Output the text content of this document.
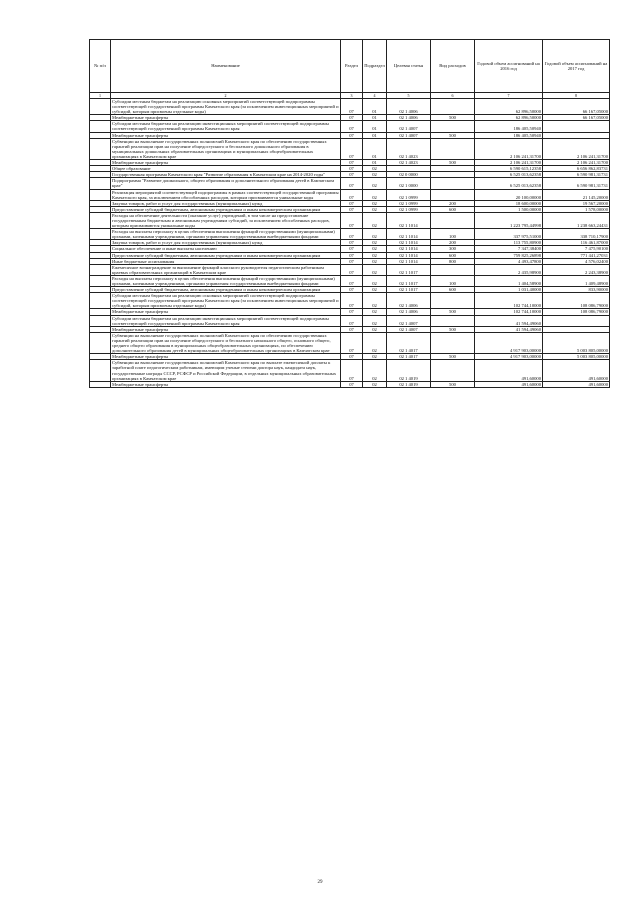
№ п/п	Наименование	Раздел	Подраздел	Целевая статья	Вид расходов	Годовой объем ассигнований на 2016 год	Годовой объем ассигнований на 2017 год
1	2	3	4	5	6	7	8
	Субсидии местным бюджетам на реализацию основных мероприятий соответствующей подпрограммы соответствующей государственной программы Камчатского края (за исключением инвестиционных мероприятий и субсидий, которым присвоены отдельные коды)	07	01	02 1 4006		62 896,50000	66 167,05000
	Межбюджетные трансферты	07	01	02 1 4006	500	62 896,50000	66 167,05000
	Субсидии местным бюджетам на реализацию инвестиционных мероприятий соответствующей подпрограммы соответствующей государственной программы Камчатского края	07	01	02 1 4007		186 405,50940	
	Межбюджетные трансферты	07	01	02 1 4007	500	186 405,50940	
	Субвенции на выполнение государственных полномочий Камчатского края по обеспечению государственных гарантий реализации прав на получение общедоступного и бесплатного дошкольного образования в муниципальных дошкольных образовательных организациях и муниципальных общеобразовательных организациях в Камчатском крае	07	01	02 1 4023		2 106 241,31700	2 106 241,31700
	Межбюджетные трансферты	07	01	02 1 4023	500	2 106 241,31700	2 106 241,31700
	Общее образование	07	02			6 590 615,12358	6 656 862,83731
	Государственная программа Камчатского края "Развитие образования в Камчатском крае на 2014-2020 годы"	07	02	02 0 0000		6 525 013,62358	6 590 981,31731
	Подпрограмма "Развитие дошкольного, общего образования и дополнительного образования детей в Камчатском крае"	07	02	02 1 0000		6 525 013,62358	6 590 981,31731
	Реализация мероприятий соответствующей подпрограммы в рамках соответствующей государственной программы Камчатского края, за исключением обособленных расходов, которым присваиваются уникальные коды	07	02	02 1 0999		20 100,00000	21 145,20000
	Закупка товаров, работ и услуг для государственных (муниципальных) нужд	07	02	02 1 0999	200	18 600,00000	19 567,20000
	Предоставление субсидий бюджетным, автономным учреждениям и иным некоммерческим организациям	07	02	02 1 0999	600	1 500,00000	1 578,00000
	Расходы на обеспечение деятельности (оказание услуг) учреждений, в том числе на предоставление государственным бюджетным и автономным учреждениям субсидий, за исключением обособленных расходов, которым присваиваются уникальные коды	07	02	02 1 1014		1 223 795,44998	1 238 663,24431
	Расходы на выплаты персоналу в целях обеспечения выполнения функций государственными (муниципальными) органами, казенными учреждениями, органами управления государственными внебюджетными фондами	07	02	02 1 1014	100	337 975,51000	338 710,17900
	Закупка товаров, работ и услуг для государственных (муниципальных) нужд	07	02	02 1 1014	200	113 755,80900	116 461,87000
	Социальное обеспечение и иные выплаты населению	07	02	02 1 1014	300	7 347,38400	7 475,90100
	Предоставление субсидий бюджетным, автономным учреждениям и иным некоммерческим организациям	07	02	02 1 1014	600	759 825,26898	771 441,27031
	Иные бюджетные ассигнования	07	02	02 1 1014	800	4 493,47800	4 576,02400
	Ежемесячное вознаграждение за выполнение функций классного руководителя педагогическим работникам краевых образовательных организаций в Камчатском крае	07	02	02 1 1017		2 435,98900	2 243,38900
	Расходы на выплаты персоналу в целях обеспечения выполнения функций государственными (муниципальными) органами, казенными учреждениями, органами управления государственными внебюджетными фондами	07	02	02 1 1017	100	1 404,58900	1 409,48900
	Предоставление субсидий бюджетным, автономным учреждениям и иным некоммерческим организациям	07	02	02 1 1017	600	1 031,40000	833,90000
	Субсидии местным бюджетам на реализацию основных мероприятий соответствующей подпрограммы соответствующей государственной программы Камчатского края (за исключением инвестиционных мероприятий и субсидий, которым присвоены отдельные коды)	07	02	02 1 4006		102 744,10000	108 086,79000
	Межбюджетные трансферты	07	02	02 1 4006	500	102 744,10000	108 086,79000
	Субсидии местным бюджетам на реализацию инвестиционных мероприятий соответствующей подпрограммы соответствующей государственной программы Камчатского края	07	02	02 1 4007		41 594,49060	
	Межбюджетные трансферты	07	02	02 1 4007	500	41 594,49060	
	Субвенции на выполнение государственных полномочий Камчатского края по обеспечению государственных гарантий реализации прав на получение общедоступного и бесплатного начального общего, основного общего, среднего общего образования в муниципальных общеобразовательных организациях, по обеспечению дополнительного образования детей в муниципальных общеобразовательных организациях в Камчатском крае	07	02	02 1 4017		4 917 903,00000	5 003 805,00000
	Межбюджетные трансферты	07	02	02 1 4017	500	4 917 903,00000	5 003 805,00000
	Субвенции на выполнение государственных полномочий Камчатского края по выплате ежемесячной доплаты к заработной плате педагогическим работникам, имеющим ученые степени доктора наук, кандидата наук, государственные награды СССР, РСФСР и Российской Федерации, в отдельных муниципальных образовательных организациях в Камчатском крае	07	02	02 1 4019		491,60000	491,60000
	Межбюджетные трансферты	07	02	02 1 4019	500	491,60000	491,60000
29
